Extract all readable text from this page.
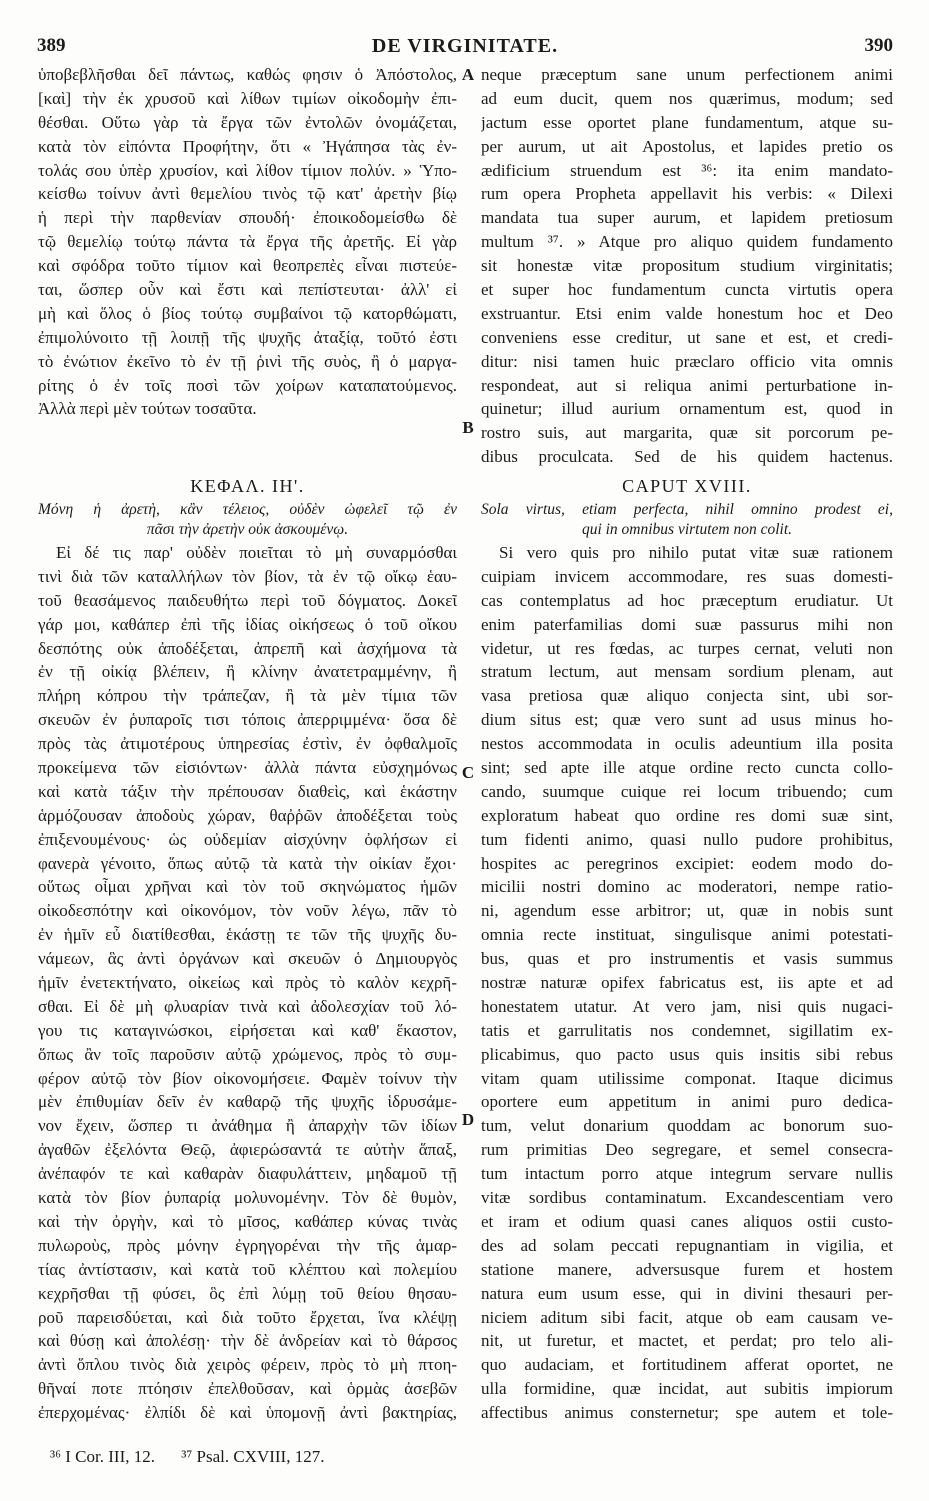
389	DE VIRGINITATE.	390
ὑποβεβλῆσθαι δεῖ πάντως, καθώς φησιν ὁ Ἀπόστολος,
[καὶ] τὴν ἐκ χρυσοῦ καὶ λίθων τιμίων οἰκοδομὴν ἐπι-
θέσθαι. Οὕτω γὰρ τὰ ἔργα τῶν ἐντολῶν ὀνομάζεται,
κατὰ τὸν εἰπόντα Προφήτην, ὅτι « Ἠγάπησα τὰς ἐν-
τολάς σου ὑπὲρ χρυσίον, καὶ λίθον τίμιον πολύν. » Ὑπο-
κείσθω τοίνυν ἀντὶ θεμελίου τινὸς τῷ κατ' ἀρετὴν βίῳ
ἡ περὶ τὴν παρθενίαν σπουδή· ἐποικοδομείσθω δὲ
τῷ θεμελίῳ τούτῳ πάντα τὰ ἔργα τῆς ἀρετῆς. Εἰ γὰρ
καὶ σφόδρα τοῦτο τίμιον καὶ θεοπρεπὲς εἶναι πιστεύε-
ται, ὥσπερ οὖν καὶ ἔστι καὶ πεπίστευται· ἀλλ' εἰ
μὴ καὶ ὅλος ὁ βίος τούτῳ συμβαίνοι τῷ κατορθώματι,
ἐπιμολύνοιτο τῇ λοιπῇ τῆς ψυχῆς ἀταξίᾳ, τοῦτό ἐστι
τὸ ἐνώτιον ἐκεῖνο τὸ ἐν τῇ ῥινὶ τῆς συὸς, ἢ ὁ μαργα-
ρίτης ὁ ἐν τοῖς ποσὶ τῶν χοίρων καταπατούμενος.
Ἀλλὰ περὶ μὲν τούτων τοσαῦτα.
ΚΕΦΑΛ. ΙΗ'.
Μόνη ἡ ἀρετὴ, κἂν τέλειος, οὐδὲν ὠφελεῖ τῷ ἐν
πᾶσι τὴν ἀρετὴν οὐκ ἀσκουμένῳ.
Εἰ δέ τις παρ' οὐδὲν ποιεῖται τὸ μὴ συναρμόσθαι
τινὶ διὰ τῶν καταλλήλων τὸν βίον, τὰ ἐν τῷ οἴκῳ ἑαυ-
τοῦ θεασάμενος παιδευθήτω περὶ τοῦ δόγματος. Δοκεῖ
γάρ μοι, καθάπερ ἐπὶ τῆς ἰδίας οἰκήσεως ὁ τοῦ οἴκου
δεσπότης οὐκ ἀποδέξεται, ἀπρεπῆ καὶ ἀσχήμονα τὰ
ἐν τῇ οἰκίᾳ βλέπειν, ἢ κλίνην ἀνατετραμμένην, ἢ
πλήρη κόπρου τὴν τράπεζαν, ἢ τὰ μὲν τίμια τῶν
σκευῶν ἐν ῥυπαροῖς τισι τόποις ἀπερριμμένα· ὅσα δὲ
πρὸς τὰς ἀτιμοτέρους ὑπηρεσίας ἐστὶν, ἐν ὀφθαλμοῖς
προκείμενα τῶν εἰσιόντων· ἀλλὰ πάντα εὐσχημόνως
καὶ κατὰ τάξιν τὴν πρέπουσαν διαθεὶς, καὶ ἑκάστην
ἁρμόζουσαν ἀποδοὺς χώραν, θαῤῥῶν ἀποδέξεται τοὺς
ἐπιξενουμένους· ὡς οὐδεμίαν αἰσχύνην ὀφλήσων εἰ
φανερὰ γένοιτο, ὅπως αὐτῷ τὰ κατὰ τὴν οἰκίαν ἔχοι·
οὕτως οἶμαι χρῆναι καὶ τὸν τοῦ σκηνώματος ἡμῶν
οἰκοδεσπότην καὶ οἰκονόμον, τὸν νοῦν λέγω, πᾶν τὸ
ἐν ἡμῖν εὖ διατίθεσθαι, ἑκάστῃ τε τῶν τῆς ψυχῆς δυ-
νάμεων, ἃς ἀντὶ ὀργάνων καὶ σκευῶν ὁ Δημιουργὸς
ἡμῖν ἐνετεκτήνατο, οἰκείως καὶ πρὸς τὸ καλὸν κεχρῆ-
σθαι. Εἰ δὲ μὴ φλυαρίαν τινὰ καὶ ἀδολεσχίαν τοῦ λό-
γου τις καταγινώσκοι, εἰρήσεται καὶ καθ' ἕκαστον,
ὅπως ἂν τοῖς παροῦσιν αὐτῷ χρώμενος, πρὸς τὸ συμ-
φέρον αὐτῷ τὸν βίον οἰκονομήσειε. Φαμὲν τοίνυν τὴν
μὲν ἐπιθυμίαν δεῖν ἐν καθαρῷ τῆς ψυχῆς ἱδρυσάμε-
νον ἔχειν, ὥσπερ τι ἀνάθημα ἢ ἀπαρχὴν τῶν ἰδίων
ἀγαθῶν ἐξελόντα Θεῷ, ἀφιερώσαντά τε αὐτὴν ἅπαξ,
ἀνέπαφόν τε καὶ καθαρὰν διαφυλάττειν, μηδαμοῦ τῇ
κατὰ τὸν βίον ῥυπαρίᾳ μολυνομένην. Τὸν δὲ θυμὸν,
καὶ τὴν ὀργὴν, καὶ τὸ μῖσος, καθάπερ κύνας τινὰς
πυλωροὺς, πρὸς μόνην ἐγρηγορέναι τὴν τῆς ἁμαρ-
τίας ἀντίστασιν, καὶ κατὰ τοῦ κλέπτου καὶ πολεμίου
κεχρῆσθαι τῇ φύσει, ὃς ἐπὶ λύμῃ τοῦ θείου θησαυ-
ροῦ παρεισδύεται, καὶ διὰ τοῦτο ἔρχεται, ἵνα κλέψῃ
καὶ θύσῃ καὶ ἀπολέσῃ· τὴν δὲ ἀνδρείαν καὶ τὸ θάρσος
ἀντὶ ὅπλου τινὸς διὰ χειρὸς φέρειν, πρὸς τὸ μὴ πτοη-
θῆναί ποτε πτόησιν ἐπελθοῦσαν, καὶ ὁρμὰς ἀσεβῶν
ἐπερχομένας· ἐλπίδι δὲ καὶ ὑπομονῇ ἀντὶ βακτηρίας,
A
B
C
D
neque præceptum sane unum perfectionem animi
ad eum ducit, quem nos quærimus, modum; sed
jactum esse oportet plane fundamentum, atque su-
per aurum, ut ait Apostolus, et lapides pretio os
ædificium struendum est ³⁶: ita enim mandato-
rum opera Propheta appellavit his verbis: « Dilexi
mandata tua super aurum, et lapidem pretiosum
multum ³⁷. » Atque pro aliquo quidem fundamento
sit honestæ vitæ propositum studium virginitatis;
et super hoc fundamentum cuncta virtutis opera
exstruantur. Etsi enim valde honestum hoc et Deo
conveniens esse creditur, ut sane et est, et credi-
ditur: nisi tamen huic præclaro officio vita omnis
respondeat, aut si reliqua animi perturbatione in-
quinetur; illud aurium ornamentum est, quod in
rostro suis, aut margarita, quæ sit porcorum pe-
dibus proculcata. Sed de his quidem hactenus.
CAPUT XVIII.
Sola virtus, etiam perfecta, nihil omnino prodest ei,
qui in omnibus virtutem non colit.
Si vero quis pro nihilo putat vitæ suæ rationem
cuipiam invicem accommodare, res suas domesti-
cas contemplatus ad hoc præceptum erudiatur. Ut
enim paterfamilias domi suæ passurus mihi non
videtur, ut res fœdas, ac turpes cernat, veluti non
stratum lectum, aut mensam sordium plenam, aut
vasa pretiosa quæ aliquo conjecta sint, ubi sor-
dium situs est; quæ vero sunt ad usus minus ho-
nestos accommodata in oculis adeuntium illa posita
sint; sed apte ille atque ordine recto cuncta collo-
cando, suumque cuique rei locum tribuendo; cum
exploratum habeat quo ordine res domi suæ sint,
tum fidenti animo, quasi nullo pudore prohibitus,
hospites ac peregrinos excipiet: eodem modo do-
micilii nostri domino ac moderatori, nempe ratio-
ni, agendum esse arbitror; ut, quæ in nobis sunt
omnia recte instituat, singulisque animi potestati-
bus, quas et pro instrumentis et vasis summus
nostræ naturæ opifex fabricatus est, iis apte et ad
honestatem utatur. At vero jam, nisi quis nugaci-
tatis et garrulitatis nos condemnet, sigillatim ex-
plicabimus, quo pacto usus quis insitis sibi rebus
vitam quam utilissime componat. Itaque dicimus
oportere eum appetitum in animi puro dedica-
tum, velut donarium quoddam ac bonorum suo-
rum primitias Deo segregare, et semel consecra-
tum intactum porro atque integrum servare nullis
vitæ sordibus contaminatum. Excandescentiam vero
et iram et odium quasi canes aliquos ostii custo-
des ad solam peccati repugnantiam in vigilia, et
statione manere, adversusque furem et hostem
natura eum usum esse, qui in divini thesauri per-
niciem aditum sibi facit, atque ob eam causam ve-
nit, ut furetur, et mactet, et perdat; pro telo ali-
quo audaciam, et fortitudinem afferat oportet, ne
ulla formidine, quæ incidat, aut subitis impiorum
affectibus animus consternetur; spe autem et tole-
³⁶ I Cor. III, 12. ³⁷ Psal. CXVIII, 127.
